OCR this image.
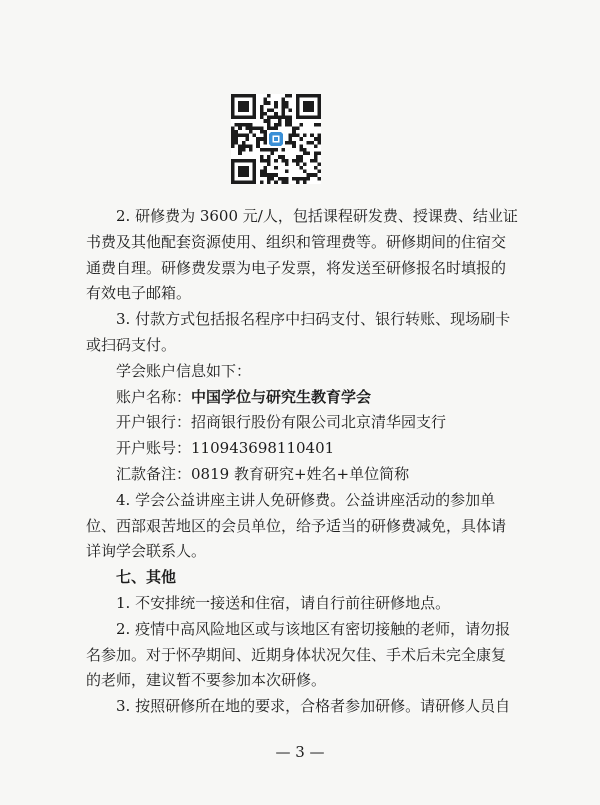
2. 研修费为 3600 元/人，包括课程研发费、授课费、结业证
书费及其他配套资源使用、组织和管理费等。研修期间的住宿交
通费自理。研修费发票为电子发票，将发送至研修报名时填报的
有效电子邮箱。
3. 付款方式包括报名程序中扫码支付、银行转账、现场刷卡
或扫码支付。
学会账户信息如下：
账户名称：中国学位与研究生教育学会
开户银行：招商银行股份有限公司北京清华园支行
开户账号：110943698110401
汇款备注：0819 教育研究+姓名+单位简称
4. 学会公益讲座主讲人免研修费。公益讲座活动的参加单
位、西部艰苦地区的会员单位，给予适当的研修费减免，具体请
详询学会联系人。
七、其他
1. 不安排统一接送和住宿，请自行前往研修地点。
2. 疫情中高风险地区或与该地区有密切接触的老师，请勿报
名参加。对于怀孕期间、近期身体状况欠佳、手术后未完全康复
的老师，建议暂不要参加本次研修。
3. 按照研修所在地的要求，合格者参加研修。请研修人员自
— 3 —
